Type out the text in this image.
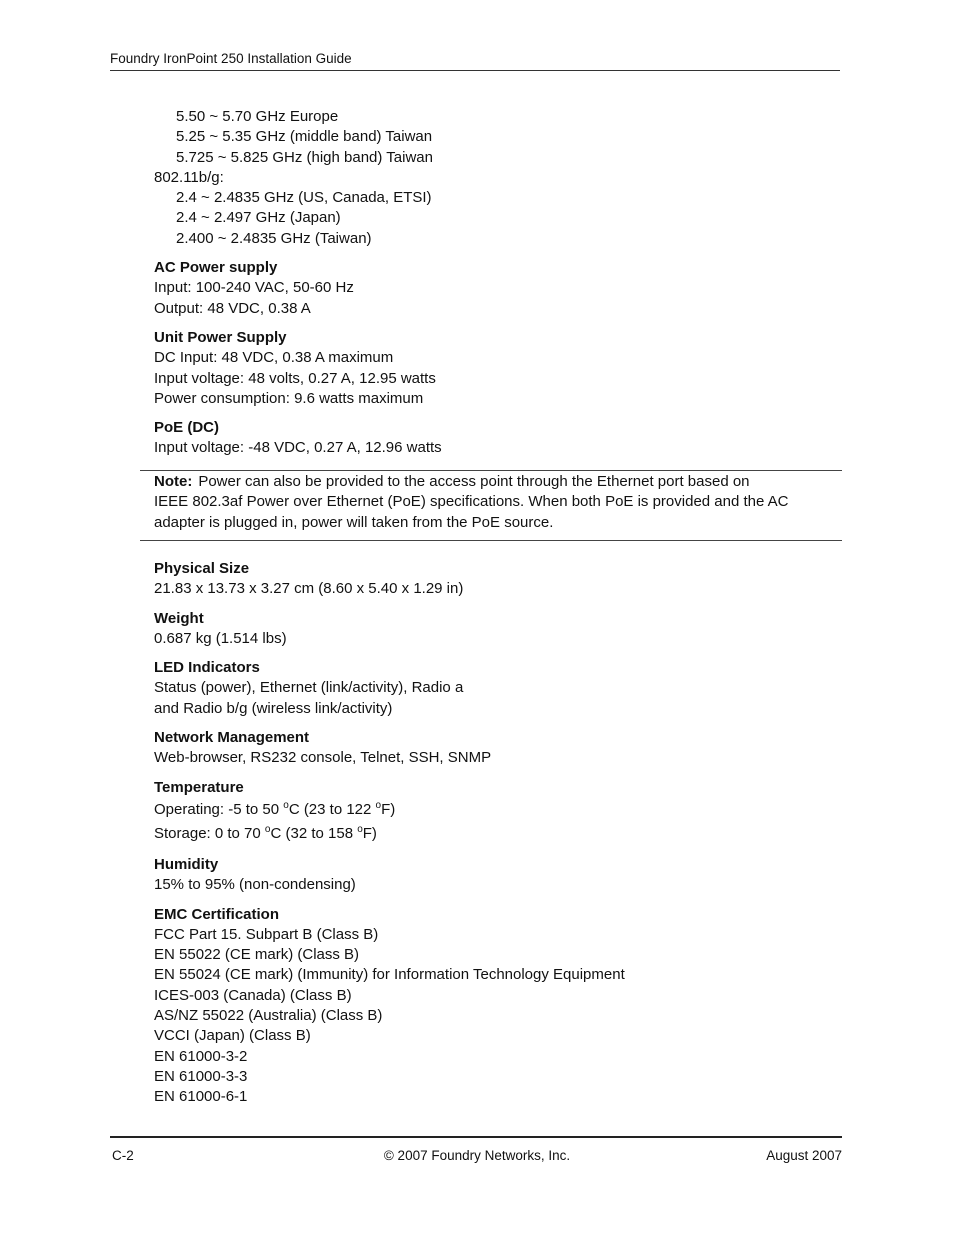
Foundry IronPoint 250 Installation Guide
5.50 ~ 5.70 GHz Europe
5.25 ~ 5.35 GHz (middle band) Taiwan
5.725 ~ 5.825 GHz (high band) Taiwan
802.11b/g:
2.4 ~ 2.4835 GHz (US, Canada, ETSI)
2.4 ~ 2.497 GHz (Japan)
2.400 ~ 2.4835 GHz (Taiwan)
AC Power supply
Input: 100-240 VAC, 50-60 Hz
Output: 48 VDC, 0.38 A
Unit Power Supply
DC Input: 48 VDC, 0.38 A maximum
Input voltage: 48 volts, 0.27 A, 12.95 watts
Power consumption: 9.6 watts maximum
PoE (DC)
Input voltage: -48 VDC, 0.27 A, 12.96 watts
Note: Power can also be provided to the access point through the Ethernet port based on
IEEE 802.3af Power over Ethernet (PoE) specifications. When both PoE is provided and the AC
adapter is plugged in, power will taken from the PoE source.
Physical Size
21.83 x 13.73 x 3.27 cm (8.60 x 5.40 x 1.29 in)
Weight
0.687 kg (1.514 lbs)
LED Indicators
Status (power), Ethernet (link/activity), Radio a
and Radio b/g (wireless link/activity)
Network Management
Web-browser, RS232 console, Telnet, SSH, SNMP
Temperature
Operating: -5 to 50 $^o$C (23 to 122 $^o$F)
Storage: 0 to 70 $^o$C (32 to 158 $^o$F)
Humidity
15% to 95% (non-condensing)
EMC Certification
FCC Part 15. Subpart B (Class B)
EN 55022 (CE mark) (Class B)
EN 55024 (CE mark) (Immunity) for Information Technology Equipment
ICES-003 (Canada) (Class B)
AS/NZ 55022 (Australia) (Class B)
VCCI (Japan) (Class B)
EN 61000-3-2
EN 61000-3-3
EN 61000-6-1
C-2	© 2007 Foundry Networks, Inc.	August 2007
